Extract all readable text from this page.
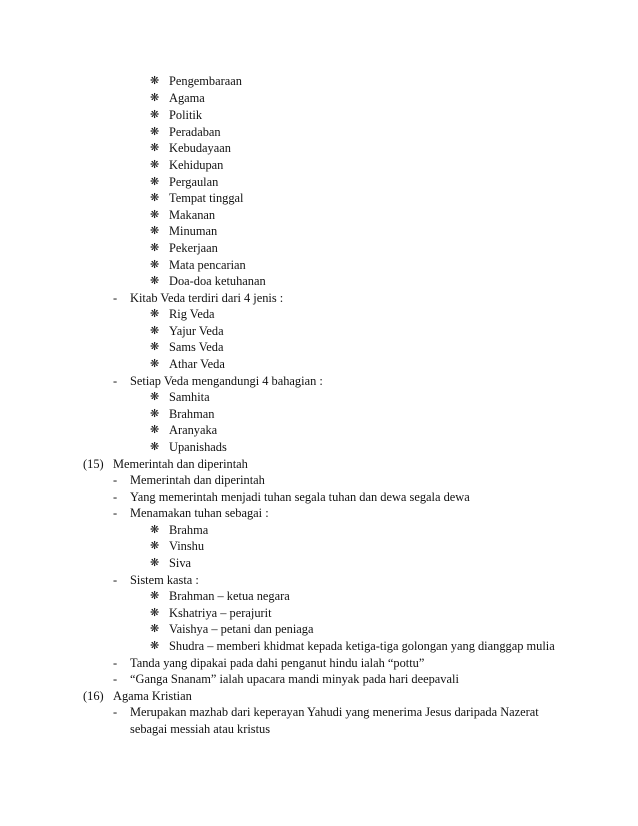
❋ Pengembaraan
❋ Agama
❋ Politik
❋ Peradaban
❋ Kebudayaan
❋ Kehidupan
❋ Pergaulan
❋ Tempat tinggal
❋ Makanan
❋ Minuman
❋ Pekerjaan
❋ Mata pencarian
❋ Doa-doa ketuhanan
- Kitab Veda terdiri dari 4 jenis :
❋ Rig Veda
❋ Yajur Veda
❋ Sams Veda
❋ Athar Veda
- Setiap Veda mengandungi 4 bahagian :
❋ Samhita
❋ Brahman
❋ Aranyaka
❋ Upanishads
(15) Memerintah dan diperintah
- Memerintah dan diperintah
- Yang memerintah menjadi tuhan segala tuhan dan dewa segala dewa
- Menamakan tuhan sebagai :
❋ Brahma
❋ Vinshu
❋ Siva
- Sistem kasta :
❋ Brahman – ketua negara
❋ Kshatriya – perajurit
❋ Vaishya – petani dan peniaga
❋ Shudra – memberi khidmat kepada ketiga-tiga golongan yang dianggap mulia
- Tanda yang dipakai pada dahi penganut hindu ialah “pottu”
- “Ganga Snanam” ialah upacara mandi minyak pada hari deepavali
(16) Agama Kristian
- Merupakan mazhab dari keperayan Yahudi yang menerima Jesus daripada Nazerat
sebagai messiah atau kristus
